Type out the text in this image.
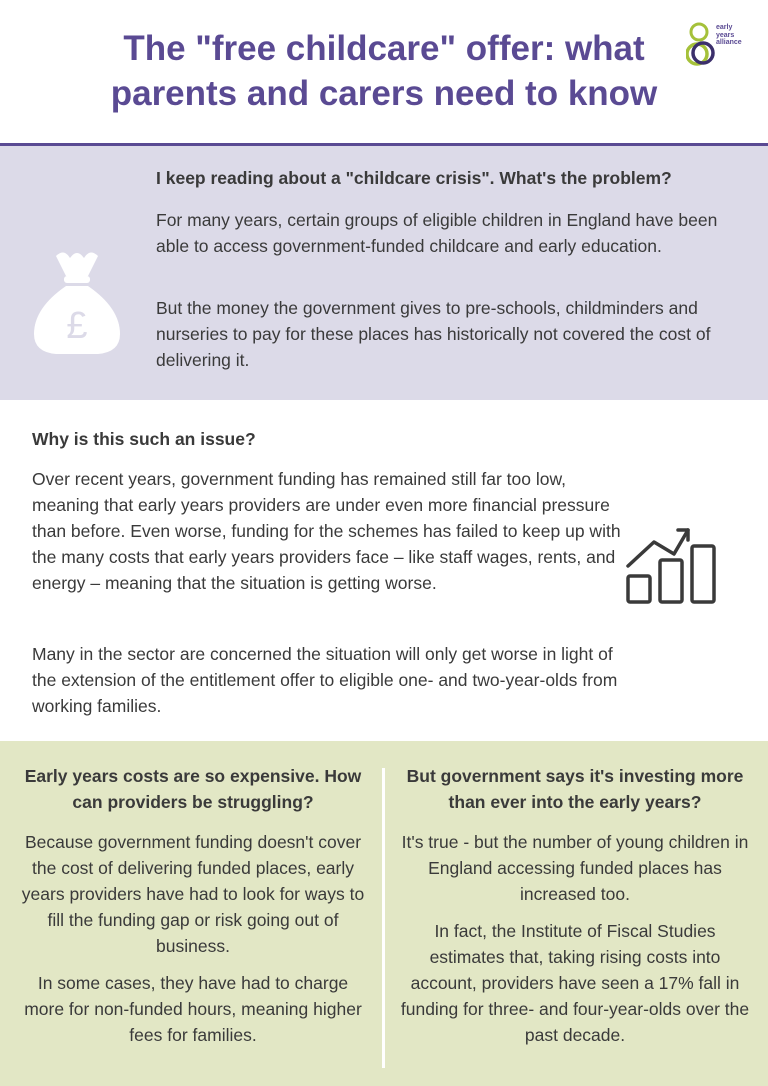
The "free childcare" offer: what
parents and carers need to know
early
years
alliance
£
I keep reading about a "childcare crisis". What's the problem?

For many years, certain groups of eligible children in England have been able to access government-funded childcare and early education.

But the money the government gives to pre-schools, childminders and nurseries to pay for these places has historically not covered the cost of delivering it.

Why is this such an issue?

Over recent years, government funding has remained still far too low, meaning that early years providers are under even more financial pressure than before. Even worse, funding for the schemes has failed to keep up with the many costs that early years providers face – like staff wages, rents, and energy – meaning that the situation is getting worse.

Many in the sector are concerned the situation will only get worse in light of the extension of the entitlement offer to eligible one- and two-year-olds from working families.

Early years costs are so expensive. How can providers be struggling?

Because government funding doesn't cover the cost of delivering funded places, early years providers have had to look for ways to fill the funding gap or risk going out of business.

In some cases, they have had to charge more for non-funded hours, meaning higher fees for families.

But government says it's investing more than ever into the early years?

It's true - but the number of young children in England accessing funded places has increased too.

In fact, the Institute of Fiscal Studies estimates that, taking rising costs into account, providers have seen a 17% fall in funding for three- and four-year-olds over the past decade.
